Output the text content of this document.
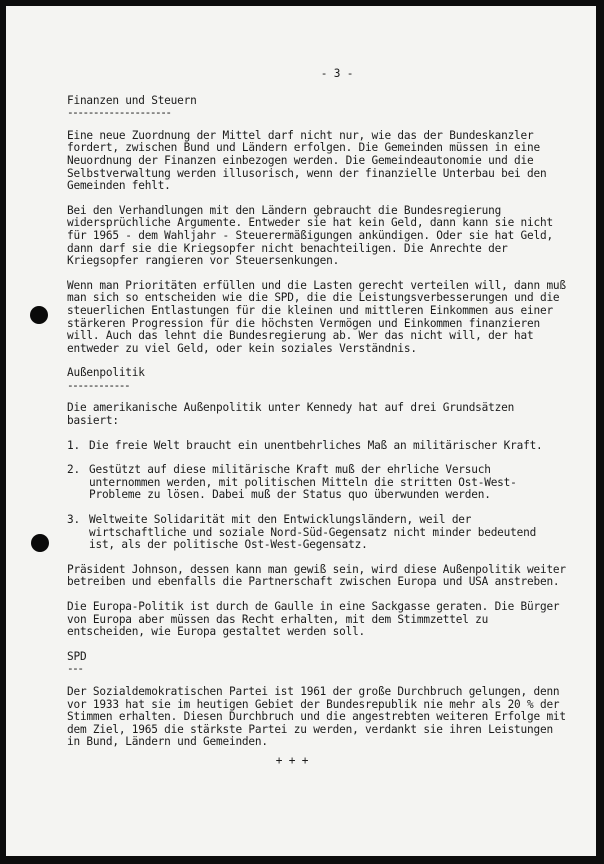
- 3 -
Finanzen und Steuern
--------------------

Eine neue Zuordnung der Mittel darf nicht nur, wie das der Bundeskanzler fordert, zwischen Bund und Ländern erfolgen. Die Gemeinden müssen in eine Neuordnung der Finanzen einbezogen werden. Die Gemeindeautonomie und die Selbstverwaltung werden illusorisch, wenn der finanzielle Unterbau bei den Gemeinden fehlt.

Bei den Verhandlungen mit den Ländern gebraucht die Bundesregierung widersprüchliche Argumente. Entweder sie hat kein Geld, dann kann sie nicht für 1965 - dem Wahljahr - Steuerermäßigungen ankündigen. Oder sie hat Geld, dann darf sie die Kriegsopfer nicht benachteiligen. Die Anrechte der Kriegsopfer rangieren vor Steuersenkungen.

Wenn man Prioritäten erfüllen und die Lasten gerecht verteilen will, dann muß man sich so entscheiden wie die SPD, die die Leistungsverbesserungen und die steuerlichen Entlastungen für die kleinen und mittleren Einkommen aus einer stärkeren Progression für die höchsten Vermögen und Einkommen finanzieren will. Auch das lehnt die Bundesregierung ab. Wer das nicht will, der hat entweder zu viel Geld, oder kein soziales Verständnis.

Außenpolitik
------------

Die amerikanische Außenpolitik unter Kennedy hat auf drei Grundsätzen basiert:

1. Die freie Welt braucht ein unentbehrliches Maß an militärischer Kraft.
2. Gestützt auf diese militärische Kraft muß der ehrliche Versuch unternommen werden, mit politischen Mitteln die stritten Ost-West-Probleme zu lösen. Dabei muß der Status quo überwunden werden.
3. Weltweite Solidarität mit den Entwicklungsländern, weil der wirtschaftliche und soziale Nord-Süd-Gegensatz nicht minder bedeutend ist, als der politische Ost-West-Gegensatz.

Präsident Johnson, dessen kann man gewiß sein, wird diese Außenpolitik weiter betreiben und ebenfalls die Partnerschaft zwischen Europa und USA anstreben.

Die Europa-Politik ist durch de Gaulle in eine Sackgasse geraten. Die Bürger von Europa aber müssen das Recht erhalten, mit dem Stimmzettel zu entscheiden, wie Europa gestaltet werden soll.

SPD
---

Der Sozialdemokratischen Partei ist 1961 der große Durchbruch gelungen, denn vor 1933 hat sie im heutigen Gebiet der Bundesrepublik nie mehr als 20 % der Stimmen erhalten. Diesen Durchbruch und die angestrebten weiteren Erfolge mit dem Ziel, 1965 die stärkste Partei zu werden, verdankt sie ihren Leistungen in Bund, Ländern und Gemeinden.

+ + +
